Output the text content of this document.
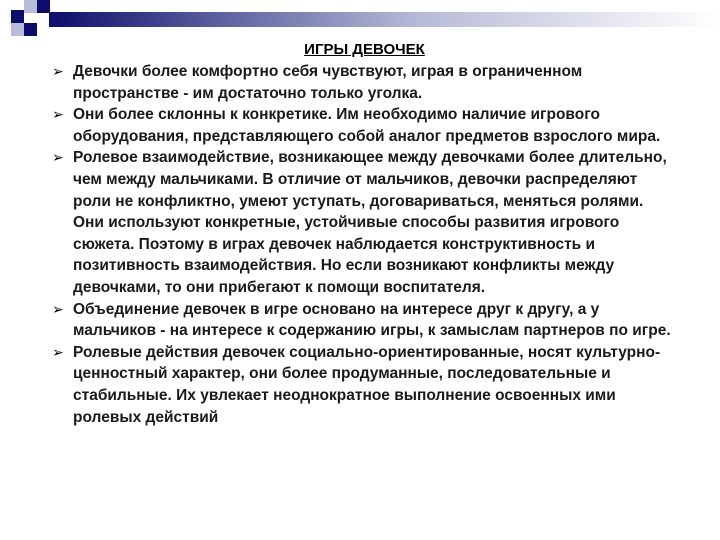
ИГРЫ ДЕВОЧЕК
➢ Девочки более комфортно себя чувствуют, играя в ограниченном пространстве - им достаточно только уголка.
➢ Они более склонны к конкретике. Им необходимо наличие игрового оборудования, представляющего собой аналог предметов взрослого мира.
➢ Ролевое взаимодействие, возникающее между девочками более длительно, чем между мальчиками. В отличие от мальчиков, девочки распределяют роли не конфликтно, умеют уступать, договариваться, меняться ролями. Они используют конкретные, устойчивые способы развития игрового сюжета. Поэтому в играх девочек наблюдается конструктивность и позитивность взаимодействия. Но если возникают конфликты между девочками, то они прибегают к помощи воспитателя.
➢ Объединение девочек в игре основано на интересе друг к другу, а у мальчиков - на интересе к содержанию игры, к замыслам партнеров по игре.
➢ Ролевые действия девочек социально-ориентированные, носят культурно-ценностный характер, они более продуманные, последовательные и стабильные. Их увлекает неоднократное выполнение освоенных ими ролевых действий
